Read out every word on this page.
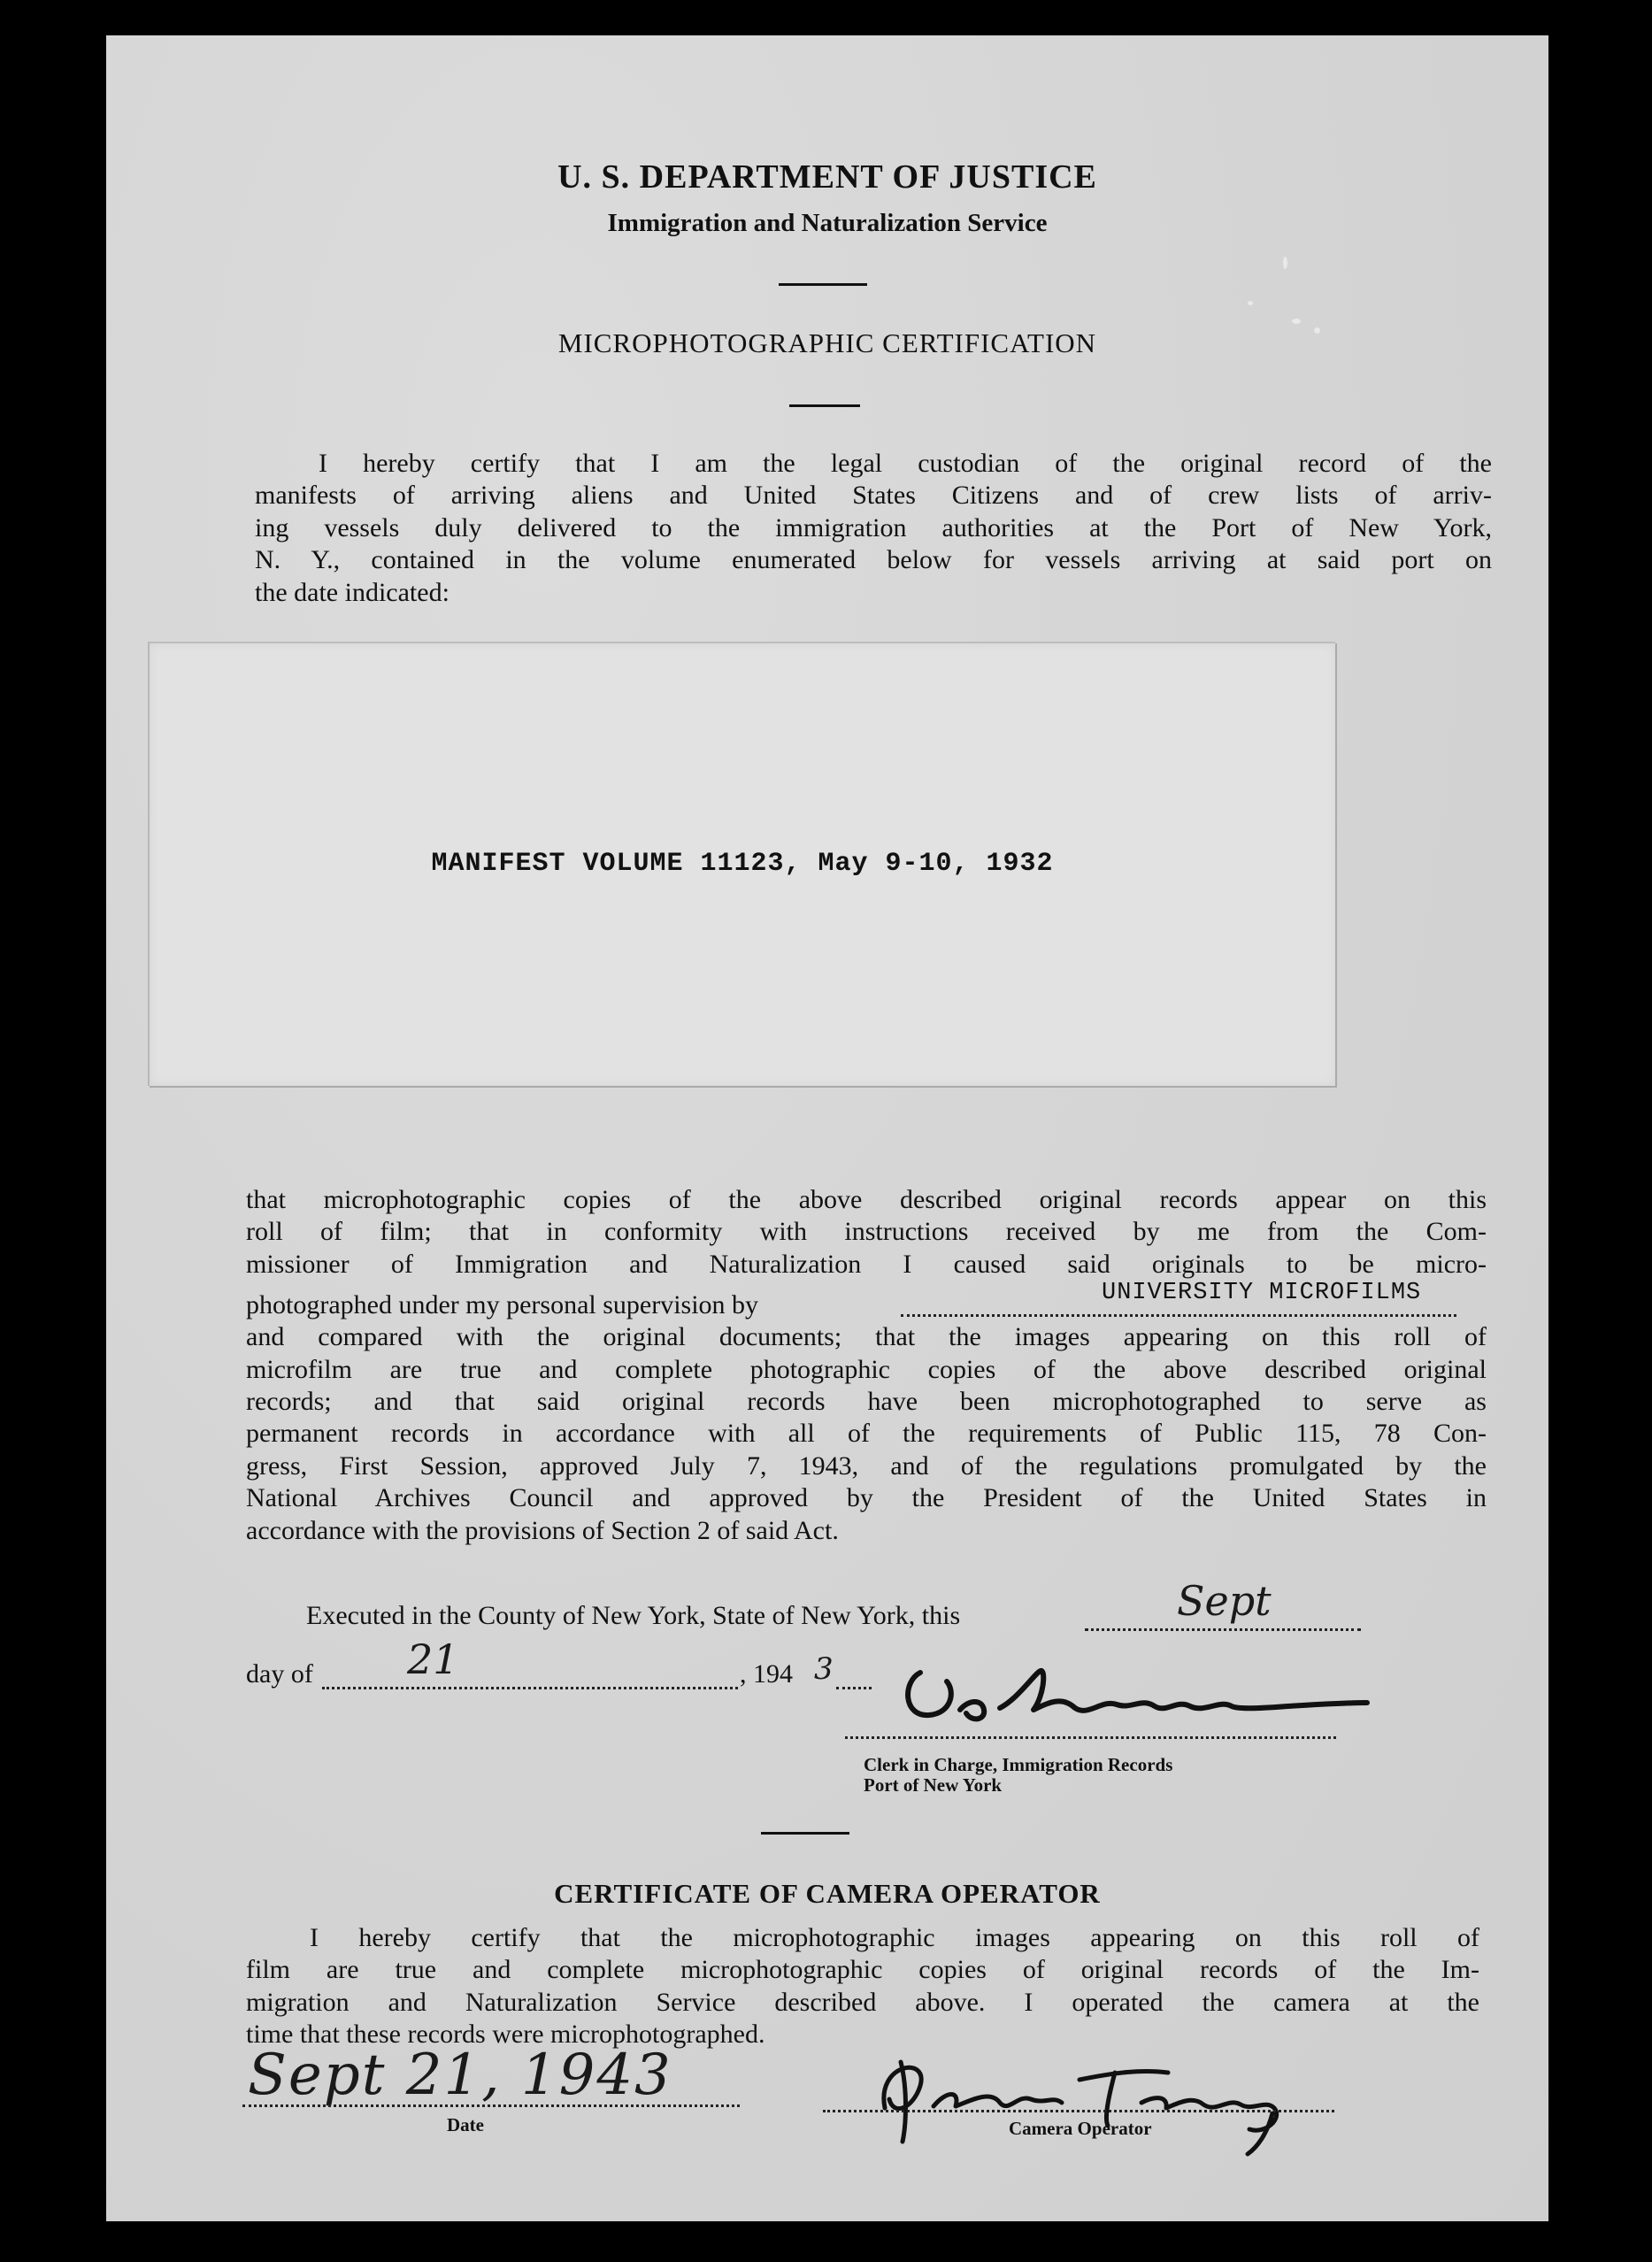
U. S. DEPARTMENT OF JUSTICE
Immigration and Naturalization Service
MICROPHOTOGRAPHIC CERTIFICATION
I hereby certify that I am the legal custodian of the original record of the
manifests of arriving aliens and United States Citizens and of crew lists of arriv-
ing vessels duly delivered to the immigration authorities at the Port of New York,
N. Y., contained in the volume enumerated below for vessels arriving at said port on
the date indicated:
MANIFEST VOLUME 11123, May 9-10, 1932
that microphotographic copies of the above described original records appear on this
roll of film; that in conformity with instructions received by me from the Com-
missioner of Immigration and Naturalization I caused said originals to be micro-
photographed under my personal supervision by	UNIVERSITY MICROFILMS
and compared with the original documents; that the images appearing on this roll of
microfilm are true and complete photographic copies of the above described original
records; and that said original records have been microphotographed to serve as
permanent records in accordance with all of the requirements of Public 115, 78 Con-
gress, First Session, approved July 7, 1943, and of the regulations promulgated by the
National Archives Council and approved by the President of the United States in
accordance with the provisions of Section 2 of said Act.
Executed in the County of New York, State of New York, this	Sept
day of 21	, 194 3
Clerk in Charge, Immigration Records
Port of New York
CERTIFICATE OF CAMERA OPERATOR
I hereby certify that the microphotographic images appearing on this roll of
film are true and complete microphotographic copies of original records of the Im-
migration and Naturalization Service described above. I operated the camera at the
time that these records were microphotographed.
Sept 21, 1943
Date	Camera Operator
